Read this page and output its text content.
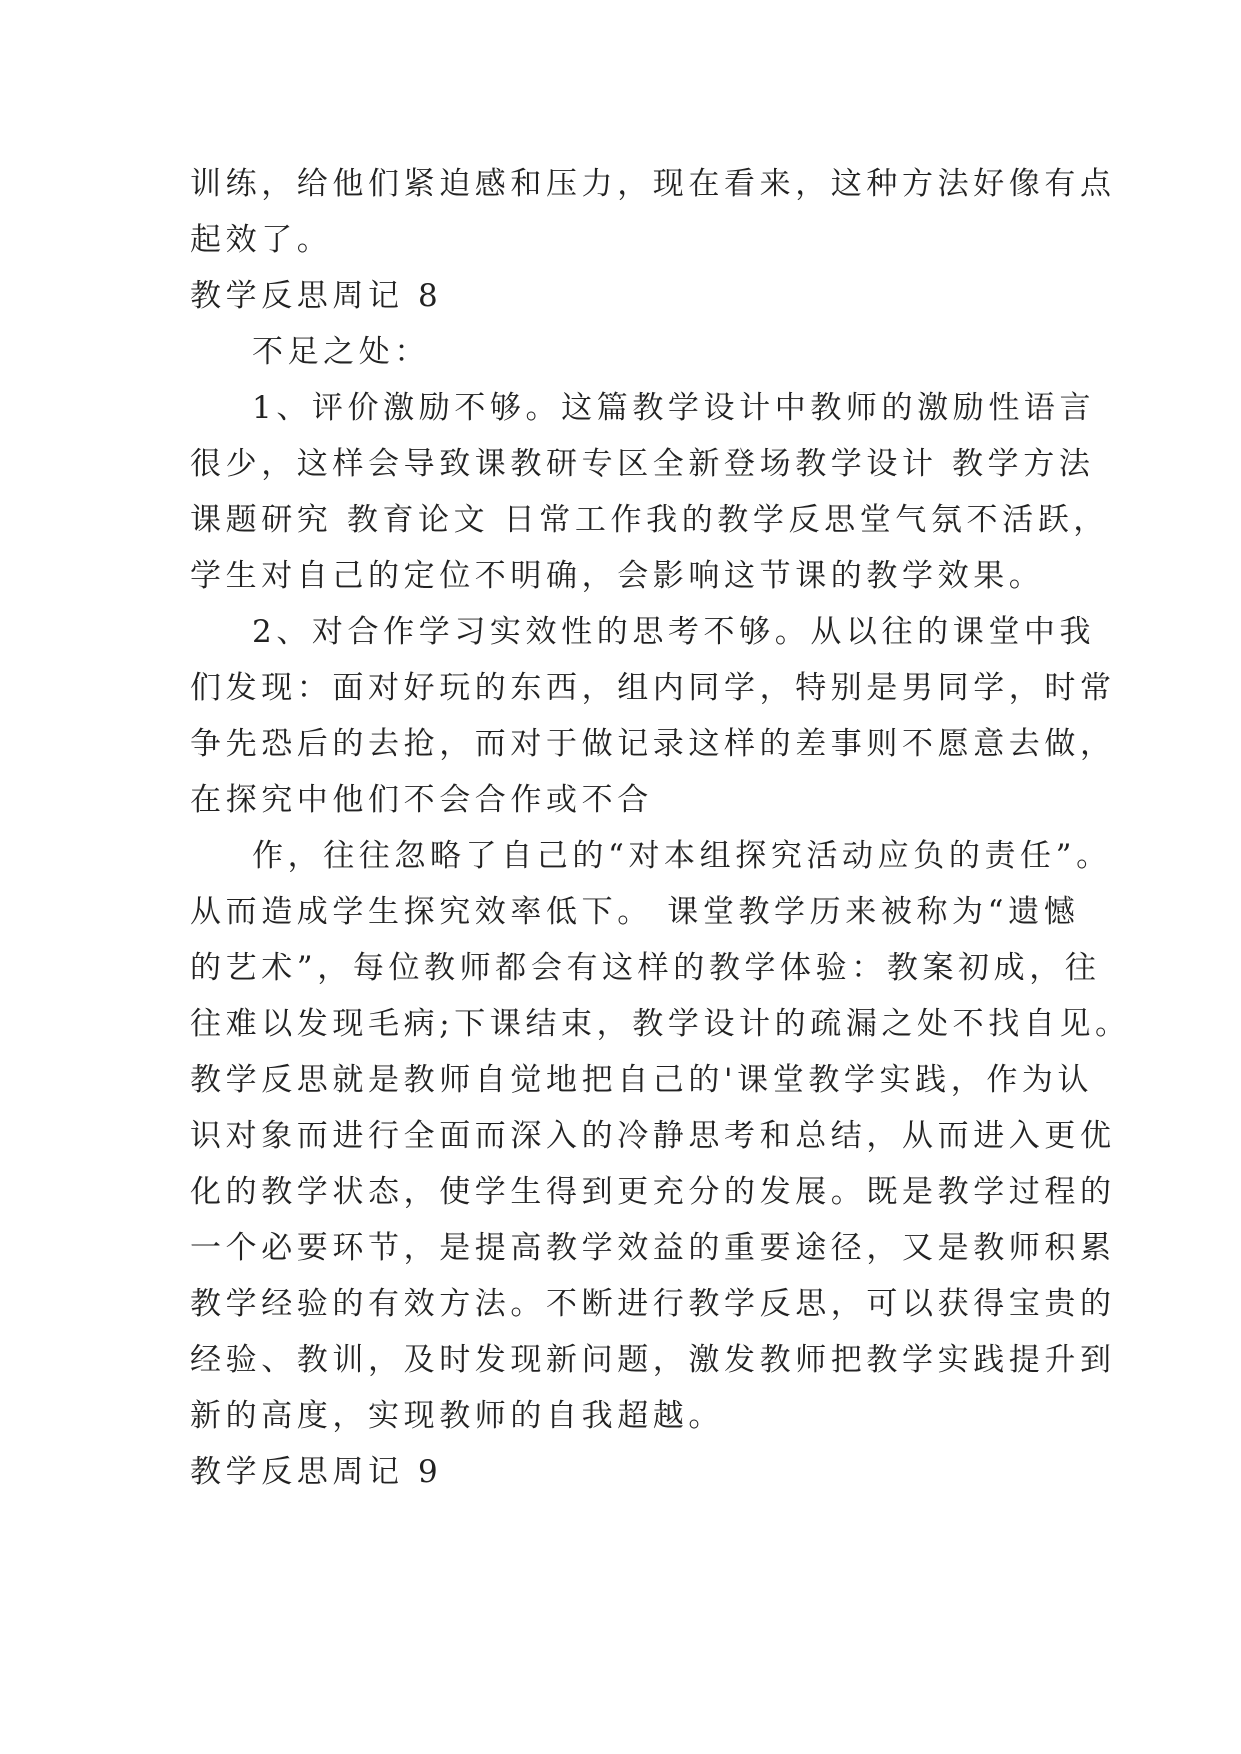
训练，给他们紧迫感和压力，现在看来，这种方法好像有点
起效了。
教学反思周记 8
不足之处：
1、评价激励不够。这篇教学设计中教师的激励性语言
很少，这样会导致课教研专区全新登场教学设计 教学方法
课题研究 教育论文 日常工作我的教学反思堂气氛不活跃，
学生对自己的定位不明确，会影响这节课的教学效果。
2、对合作学习实效性的思考不够。从以往的课堂中我
们发现：面对好玩的东西，组内同学，特别是男同学，时常
争先恐后的去抢，而对于做记录这样的差事则不愿意去做，
在探究中他们不会合作或不合
作，往往忽略了自己的“对本组探究活动应负的责任”。
从而造成学生探究效率低下。 课堂教学历来被称为“遗憾
的艺术”，每位教师都会有这样的教学体验：教案初成，往
往难以发现毛病;下课结束，教学设计的疏漏之处不找自见。
教学反思就是教师自觉地把自己的'课堂教学实践，作为认
识对象而进行全面而深入的冷静思考和总结，从而进入更优
化的教学状态，使学生得到更充分的发展。既是教学过程的
一个必要环节，是提高教学效益的重要途径，又是教师积累
教学经验的有效方法。不断进行教学反思，可以获得宝贵的
经验、教训，及时发现新问题，激发教师把教学实践提升到
新的高度，实现教师的自我超越。
教学反思周记 9
